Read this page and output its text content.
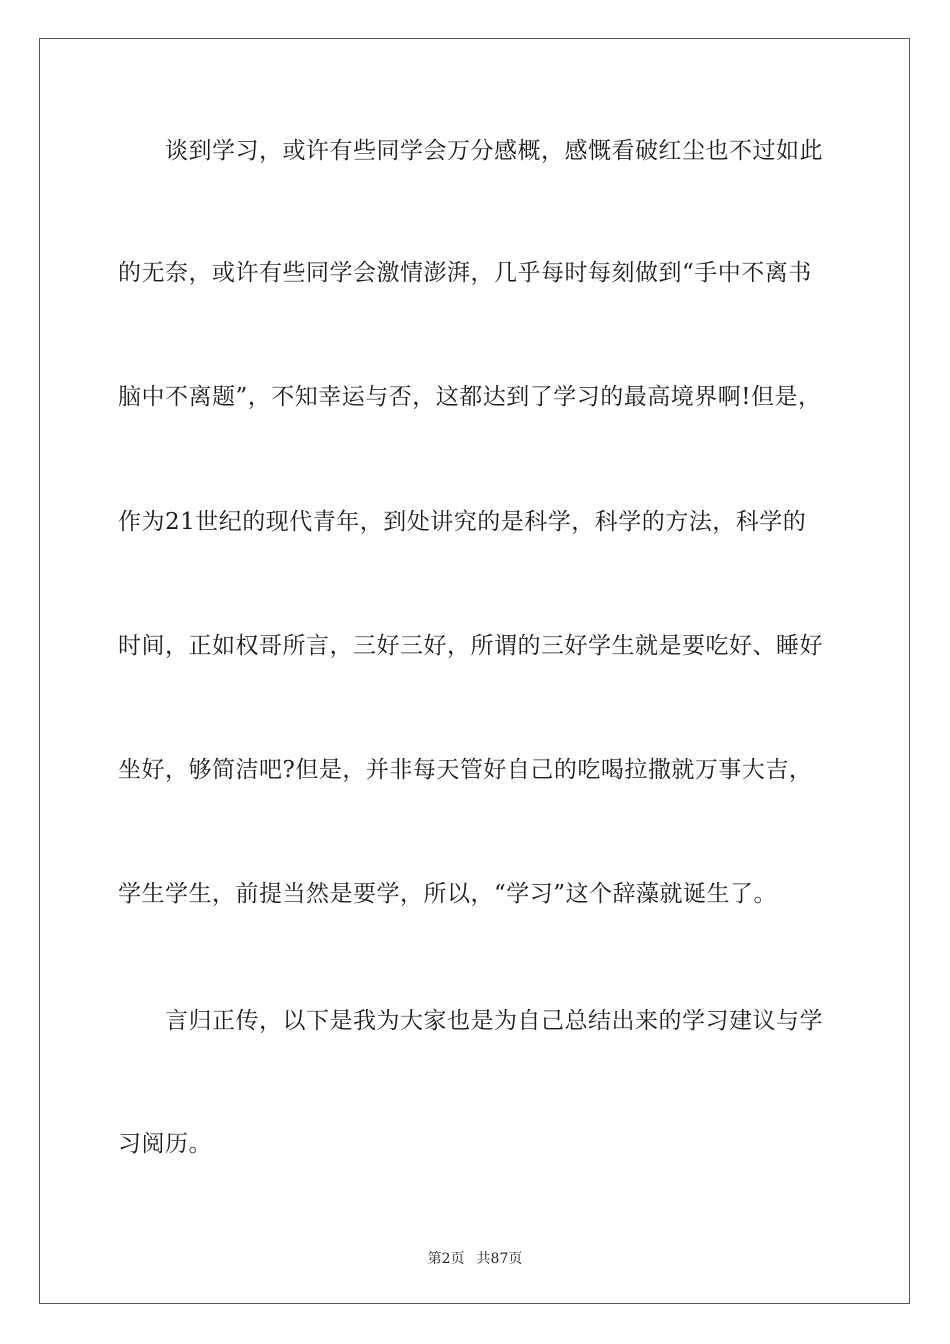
谈到学习，或许有些同学会万分感概，感慨看破红尘也不过如此
的无奈，或许有些同学会激情澎湃，几乎每时每刻做到“手中不离书
脑中不离题”，不知幸运与否，这都达到了学习的最高境界啊!但是，
作为21世纪的现代青年，到处讲究的是科学，科学的方法，科学的
时间，正如权哥所言，三好三好，所谓的三好学生就是要吃好、睡好
坐好，够简洁吧?但是，并非每天管好自己的吃喝拉撒就万事大吉，
学生学生，前提当然是要学，所以，“学习”这个辞藻就诞生了。
言归正传，以下是我为大家也是为自己总结出来的学习建议与学
习阅历。
第2页 共87页
